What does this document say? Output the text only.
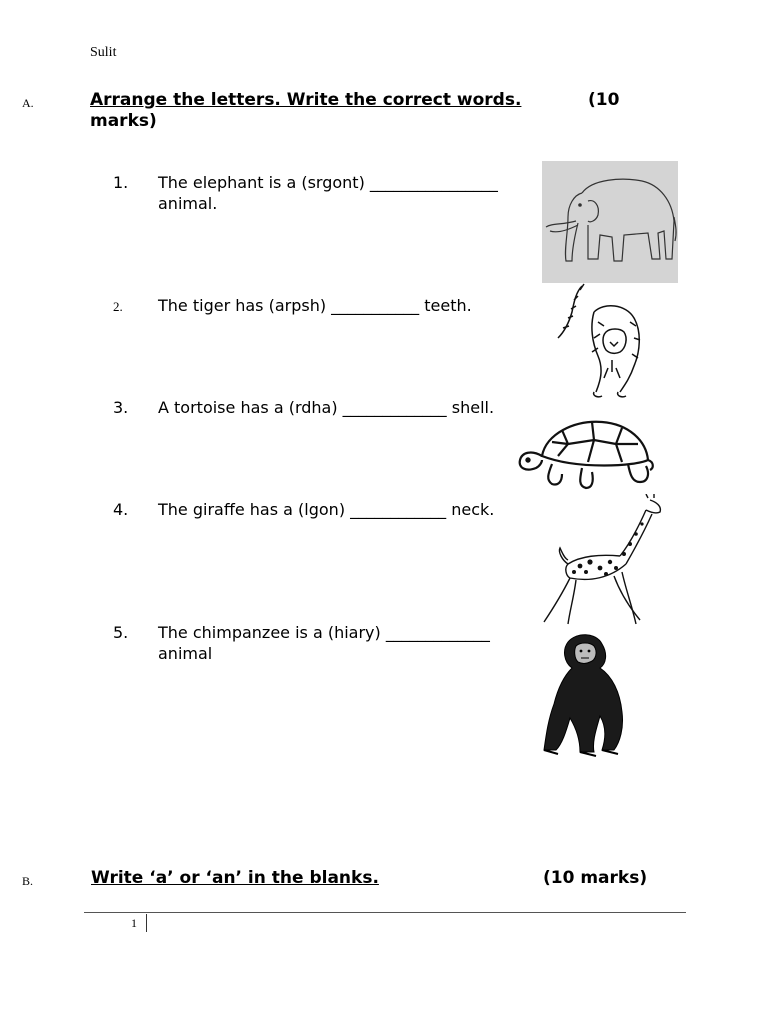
Sulit
A.	Arrange the letters. Write the correct words.	(10
marks)
1. The elephant is a (srgont) ________________
animal.
2. The tiger has (arpsh) ___________ teeth.
3. A tortoise has a (rdha) _____________ shell.
4. The giraffe has a (lgon) ____________ neck.
5. The chimpanzee is a (hiary) _____________
animal
B.	Write ‘a’ or ‘an’ in the blanks.	(10 marks)
1
